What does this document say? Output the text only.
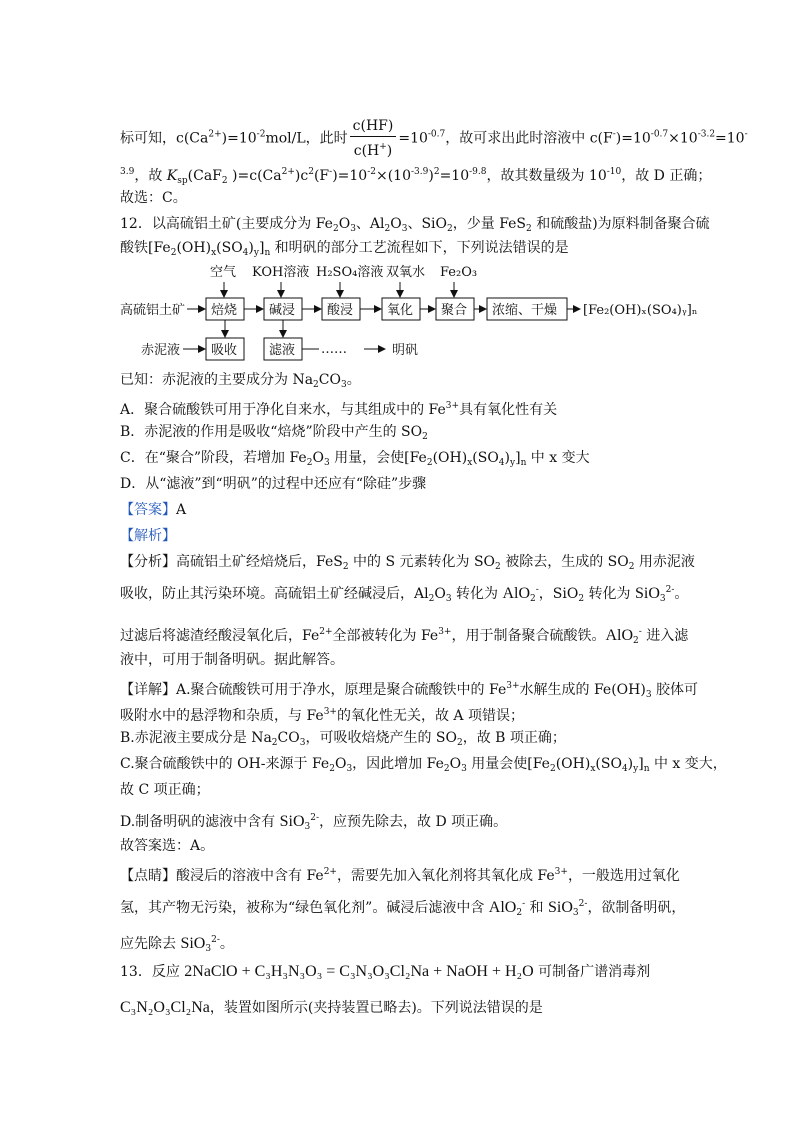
标可知，$c(Ca^{2+})=10^{-2}mol/L$，此时 $\frac{c(HF)}{c(H^+)} =10^{-0.7}$，故可求出此时溶液中 $c(F^-)=10^{-0.7}\times 10^{-3.2}=10^-$
$^{3.9}$，故 $K_{sp}(CaF_2$ )$=c(Ca^{2+})c^2(F^-)=10^{-2}\times(10^{-3.9})^2=10^{-9.8}$，故其数量级为 $10^{-10}$，故 D 正确；
故选：C。
12．以高硫铝土矿(主要成分为 $Fe_2O_3$、$Al_2O_3$、SiO$_2$，少量 FeS$_2$ 和硫酸盐)为原料制备聚合硫
酸铁$[Fe_2(OH)_x(SO_4)_y]_n$ 和明矾的部分工艺流程如下，下列说法错误的是
空气 KOH溶液 H₂SO₄溶液 双氧水 Fe₂O₃
高硫铝土矿 焙烧 碱浸 酸浸	氧化 聚合 浓缩、干燥 [Fe₂(OH)ₓ(SO₄)ᵧ]ₙ
赤泥液 吸收 滤液 ……	明矾
已知：赤泥液的主要成分为 $Na_2CO_3$。
A．聚合硫酸铁可用于净化自来水，与其组成中的 $Fe^{3+}$具有氧化性有关
B．赤泥液的作用是吸收“焙烧”阶段中产生的 $SO_2$
C．在“聚合”阶段，若增加 $Fe_2O_3$ 用量，会使$[Fe_2(OH)_x(SO_4)_y]_n$ 中 x 变大
D．从“滤液”到“明矾”的过程中还应有“除硅”步骤
【答案】A
【解析】
【分析】高硫铝土矿经焙烧后，FeS$_2$ 中的 S 元素转化为 $SO_2$ 被除去，生成的 $SO_2$ 用赤泥液
吸收，防止其污染环境。高硫铝土矿经碱浸后，$Al_2O_3$ 转化为 AlO$_2$-，SiO$_2$ 转化为 SiO$_3^{2-}$。
过滤后将滤渣经酸浸氧化后，$Fe^{2+}$全部被转化为 $Fe^{3+}$，用于制备聚合硫酸铁。AlO$_2$- 进入滤
液中，可用于制备明矾。据此解答。
【详解】A.聚合硫酸铁可用于净水，原理是聚合硫酸铁中的 $Fe^{3+}$水解生成的 $Fe(OH)_3$ 胶体可
吸附水中的悬浮物和杂质，与 $Fe^{3+}$的氧化性无关，故 A 项错误；
B.赤泥液主要成分是 $Na_2CO_3$，可吸收焙烧产生的 $SO_2$，故 B 项正确；
C.聚合硫酸铁中的 OH-来源于 $Fe_2O_3$，因此增加 $Fe_2O_3$ 用量会使$[Fe_2(OH)_x(SO_4)_y]_n$ 中 x 变大，
故 C 项正确；
D.制备明矾的滤液中含有 SiO$_3^{2-}$，应预先除去，故 D 项正确。
故答案选：A。
【点睛】酸浸后的溶液中含有 $Fe^{2+}$，需要先加入氧化剂将其氧化成 $Fe^{3+}$，一般选用过氧化
氢，其产物无污染，被称为“绿色氧化剂”。碱浸后滤液中含 AlO$_2$- 和 SiO$_3^{2-}$，欲制备明矾，
应先除去 SiO$_3^{2-}$。
13．反应 2NaClO + C₃H₃N₃O₃ = C₃N₃O₃Cl₂Na + NaOH + H₂O 可制备广谱消毒剂
C₃N₂O₃Cl₂Na，装置如图所示(夹持装置已略去)。下列说法错误的是
